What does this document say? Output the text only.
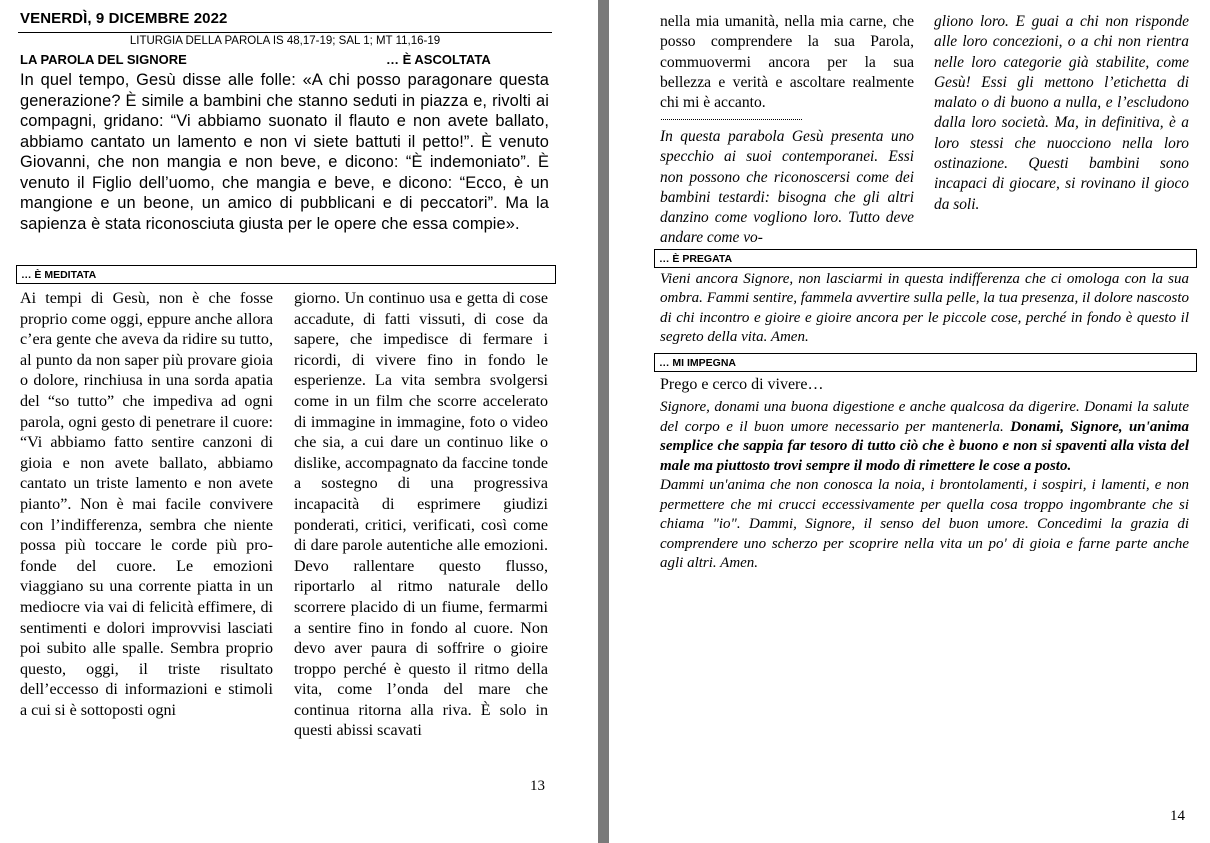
VENERDÌ, 9 DICEMBRE 2022
LITURGIA DELLA PAROLA IS 48,17-19; SAL 1; MT 11,16-19
LA PAROLA DEL SIGNORE	… È ASCOLTATA

In quel tempo, Gesù disse alle folle: «A chi posso paragonare questa generazione? È simile a bambini che stanno seduti in piazza e, rivolti ai compagni, gridano: “Vi abbiamo suonato il flauto e non avete ballato, abbiamo cantato un lamento e non vi siete battuti il petto!”. È venuto Giovanni, che non mangia e non beve, e dicono: “È indemoniato”. È venuto il Figlio dell’uomo, che mangia e beve, e dicono: “Ecco, è un mangione e un beone, un amico di pubblicani e di peccatori”. Ma la sapienza è stata riconosciuta giusta per le opere che essa compie».

… È MEDITATA

Ai tempi di Gesù, non è che fosse proprio come oggi, eppure anche allora c’era gente che aveva da ridire su tutto, al punto da non saper più provare gioia o dolore, rinchiusa in una sorda apatia del “so tutto” che impediva ad ogni parola, ogni gesto di penetrare il cuore: “Vi abbiamo fatto sentire canzoni di gioia e non avete ballato, abbiamo cantato un triste lamento e non avete pianto”. Non è mai facile convivere con l’indifferenza, sembra che niente possa più toccare le corde più pro- fonde del cuore. Le emozioni viaggiano su una corrente piatta in un mediocre via vai di felicità effimere, di sentimenti e dolori improvvisi lasciati poi subito alle spalle. Sembra proprio questo, oggi, il triste risultato dell’eccesso di informazioni e stimoli a cui si è sottoposti ogni

giorno. Un continuo usa e getta di cose accadute, di fatti vissuti, di cose da sapere, che impedisce di fermare i ricordi, di vivere fino in fondo le esperienze. La vita sembra svolgersi come in un film che scorre accelerato di immagine in immagine, foto o video che sia, a cui dare un continuo like o dislike, accompagnato da faccine tonde a sostegno di una progressiva incapacità di esprimere giudizi ponderati, critici, verificati, così come di dare parole autentiche alle emozioni. Devo rallentare questo flusso, riportarlo al ritmo naturale dello scorrere placido di un fiume, fermarmi a sentire fino in fondo al cuore. Non devo aver paura di soffrire o gioire troppo perché è questo il ritmo della vita, come l’onda del mare che continua ritorna alla riva. È solo in questi abissi scavati

13

nella mia umanità, nella mia carne, che posso comprendere la sua Parola, commuovermi ancora per la sua bellezza e verità e ascoltare realmente chi mi è accanto.

In questa parabola Gesù presenta uno specchio ai suoi contemporanei. Essi non possono che riconoscersi come dei bambini testardi: bisogna che gli altri danzino come vogliono loro. Tutto deve andare come vo-

gliono loro. E guai a chi non risponde alle loro concezioni, o a chi non rientra nelle loro categorie già stabilite, come Gesù! Essi gli mettono l’etichetta di malato o di buono a nulla, e l’escludono dalla loro società. Ma, in definitiva, è a loro stessi che nuocciono nella loro ostinazione. Questi bambini sono incapaci di giocare, si rovinano il gioco da soli.

… È PREGATA

Vieni ancora Signore, non lasciarmi in questa indifferenza che ci omologa con la sua ombra. Fammi sentire, fammela avvertire sulla pelle, la tua presenza, il dolore nascosto di chi incontro e gioire e gioire ancora per le piccole cose, perché in fondo è questo il segreto della vita. Amen.

… MI IMPEGNA
Prego e cerco di vivere…

Signore, donami una buona digestione e anche qualcosa da digerire. Donami la salute del corpo e il buon umore necessario per mantenerla. Donami, Signore, un'anima semplice che sappia far tesoro di tutto ciò che è buono e non si spaventi alla vista del male ma piuttosto trovi sempre il modo di rimettere le cose a posto.
Dammi un'anima che non conosca la noia, i brontolamenti, i sospiri, i lamenti, e non permettere che mi crucci eccessivamente per quella cosa troppo ingombrante che si chiama "io". Dammi, Signore, il senso del buon umore. Concedimi la grazia di comprendere uno scherzo per scoprire nella vita un po' di gioia e farne parte anche agli altri. Amen.

14
